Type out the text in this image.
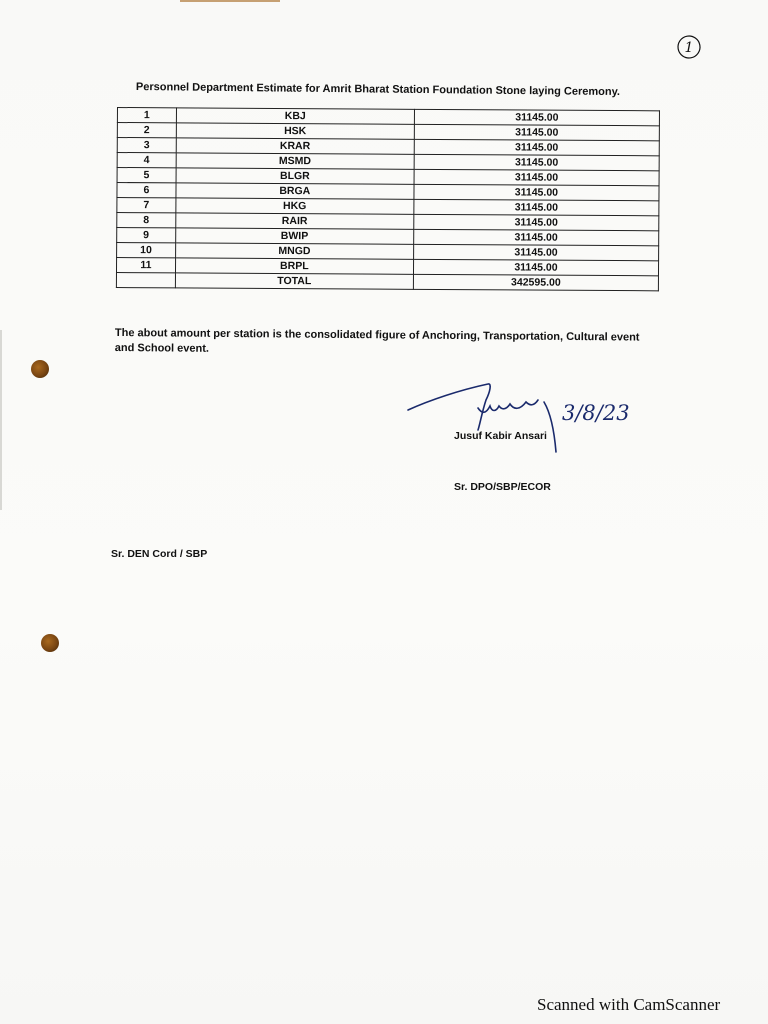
1
Personnel Department Estimate for Amrit Bharat Station Foundation Stone laying Ceremony.
1	KBJ	31145.00
2	HSK	31145.00
3	KRAR	31145.00
4	MSMD	31145.00
5	BLGR	31145.00
6	BRGA	31145.00
7	HKG	31145.00
8	RAIR	31145.00
9	BWIP	31145.00
10	MNGD	31145.00
11	BRPL	31145.00
	TOTAL	342595.00
The about amount per station is the consolidated figure of Anchoring, Transportation, Cultural event and School event.
3/8/23
Jusuf Kabir Ansari
Sr. DPO/SBP/ECOR
Sr. DEN Cord / SBP
Scanned with CamScanner
